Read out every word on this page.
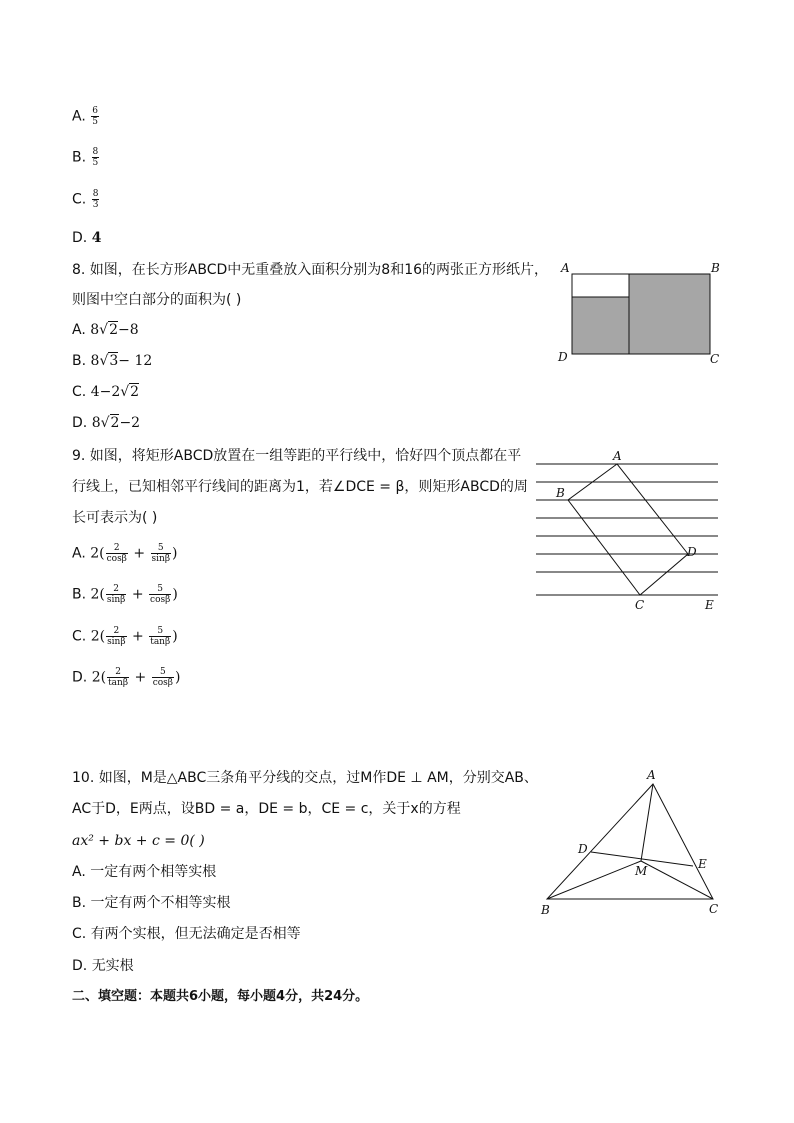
A. $\frac{6}{5}$
B. $\frac{8}{5}$
C. $\frac{8}{3}$
D. 4
8. 如图，在长方形ABCD中无重叠放入面积分别为8和16的两张正方形纸片，
则图中空白部分的面积为( )
A. 8√2−8
B. 8√3− 12
C. 4−2√2
D. 8√2−2
A	B
C
D
9. 如图，将矩形ABCD放置在一组等距的平行线中，恰好四个顶点都在平
行线上，已知相邻平行线间的距离为1，若∠DCE = β，则矩形ABCD的周
长可表示为( )
A. $2( \frac{2}{\cos\beta} + \frac{5}{\sin\beta}$ )
B. $2( \frac{2}{\sin\beta} + \frac{5}{\cos\beta}$ )
C. $2( \frac{2}{\sin\beta} + \frac{5}{\tan\beta}$ )
D. $2( \frac{2}{\tan\beta} + \frac{5}{\cos\beta}$ )
A
B
C
D
E
10. 如图，M是△ABC三条角平分线的交点，过M作DE ⊥ AM，分别交AB、
AC于D，E两点，设BD = a，DE = b，CE = c，关于x的方程
ax² + bx + c = 0( )
A. 一定有两个相等实根
B. 一定有两个不相等实根
C. 有两个实根，但无法确定是否相等
D. 无实根
A
B	C
D
E
M
二、填空题：本题共6小题，每小题4分，共24分。
